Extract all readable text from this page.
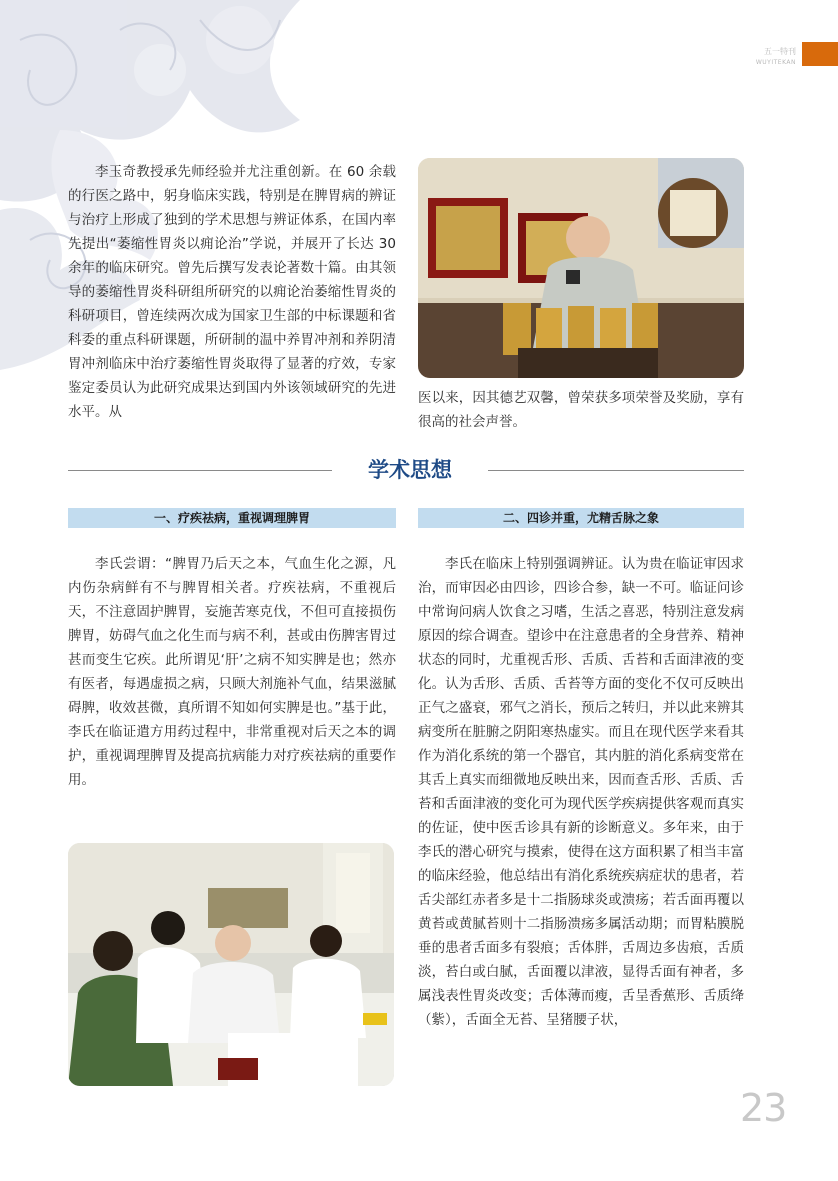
五一特刊
WUYITEKAN

李玉奇教授承先师经验并尤注重创新。在 60 余载的行医之路中，躬身临床实践，特别是在脾胃病的辨证与治疗上形成了独到的学术思想与辨证体系，在国内率先提出“萎缩性胃炎以痈论治”学说，并展开了长达 30 余年的临床研究。曾先后撰写发表论著数十篇。由其领导的萎缩性胃炎科研组所研究的以痈论治萎缩性胃炎的科研项目，曾连续两次成为国家卫生部的中标课题和省科委的重点科研课题，所研制的温中养胃冲剂和养阴清胃冲剂临床中治疗萎缩性胃炎取得了显著的疗效，专家鉴定委员认为此研究成果达到国内外该领域研究的先进水平。从

医以来，因其德艺双馨，曾荣获多项荣誉及奖励，享有很高的社会声誉。

学术思想
一、疗疾祛病，重视调理脾胃	二、四诊并重，尤精舌脉之象

李氏尝谓：“脾胃乃后天之本，气血生化之源，凡内伤杂病鲜有不与脾胃相关者。疗疾祛病，不重视后天，不注意固护脾胃，妄施苦寒克伐，不但可直接损伤脾胃，妨碍气血之化生而与病不利，甚或由伤脾害胃过甚而变生它疾。此所谓见‘肝’之病不知实脾是也；然亦有医者，每遇虚损之病，只顾大剂施补气血，结果滋腻碍脾，收效甚微，真所谓不知如何实脾是也。”基于此，李氏在临证遣方用药过程中，非常重视对后天之本的调护，重视调理脾胃及提高抗病能力对疗疾祛病的重要作用。

李氏在临床上特别强调辨证。认为贵在临证审因求治，而审因必由四诊，四诊合参，缺一不可。临证问诊中常询问病人饮食之习嗜，生活之喜恶，特别注意发病原因的综合调查。望诊中在注意患者的全身营养、精神状态的同时，尤重视舌形、舌质、舌苔和舌面津液的变化。认为舌形、舌质、舌苔等方面的变化不仅可反映出正气之盛衰，邪气之消长，预后之转归，并以此来辨其病变所在脏腑之阴阳寒热虚实。而且在现代医学来看其作为消化系统的第一个器官，其内脏的消化系病变常在其舌上真实而细微地反映出来，因而查舌形、舌质、舌苔和舌面津液的变化可为现代医学疾病提供客观而真实的佐证，使中医舌诊具有新的诊断意义。多年来，由于李氏的潜心研究与摸索，使得在这方面积累了相当丰富的临床经验，他总结出有消化系统疾病症状的患者，若舌尖部红赤者多是十二指肠球炎或溃疡；若舌面再覆以黄苔或黄腻苔则十二指肠溃疡多属活动期；而胃粘膜脱垂的患者舌面多有裂痕；舌体胖，舌周边多齿痕，舌质淡，苔白或白腻，舌面覆以津液，显得舌面有神者，多属浅表性胃炎改变；舌体薄而瘦，舌呈香蕉形、舌质绛（紫），舌面全无苔、呈猪腰子状，

23
